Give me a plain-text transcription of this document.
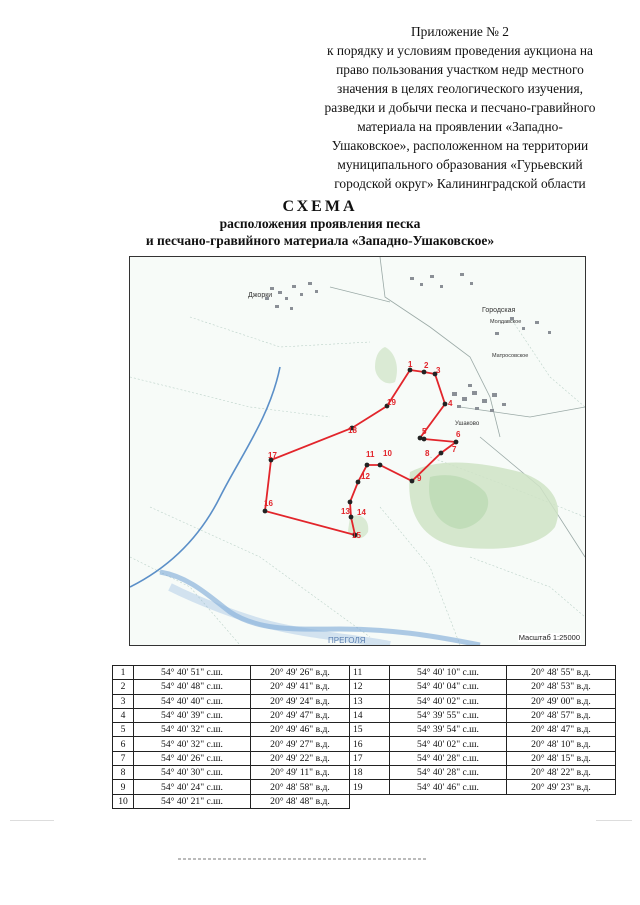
Приложение № 2
к порядку и условиям проведения аукциона на
право пользования участком недр местного
значения в целях геологического изучения,
разведки и добычи песка и песчано-гравийного
материала на проявлении «Западно-
Ушаковское», расположенном на территории
муниципального образования «Гурьевский
городской округ» Калининградской области
СХЕМА
расположения проявления песка
и песчано-гравийного материала «Западно-Ушаковское»
ПРЕГОЛЯ
Джорки
Городская
Молдавское
Матросовское
Ушаково
1 2
3
4
5	6
7
8
9
10
11
12
13 14
15
16
17
18
19
Масштаб 1:25000
1	54° 40' 51" с.ш.	20° 49' 26" в.д.	11	54° 40' 10" с.ш.	20° 48' 55" в.д.
2	54° 40' 48" с.ш.	20° 49' 41" в.д.	12	54° 40' 04" с.ш.	20° 48' 53" в.д.
3	54° 40' 40" с.ш.	20° 49' 24" в.д.	13	54° 40' 02" с.ш.	20° 49' 00" в.д.
4	54° 40' 39" с.ш.	20° 49' 47" в.д.	14	54° 39' 55" с.ш.	20° 48' 57" в.д.
5	54° 40' 32" с.ш.	20° 49' 46" в.д.	15	54° 39' 54" с.ш.	20° 48' 47" в.д.
6	54° 40' 32" с.ш.	20° 49' 27" в.д.	16	54° 40' 02" с.ш.	20° 48' 10" в.д.
7	54° 40' 26" с.ш.	20° 49' 22" в.д.	17	54° 40' 28" с.ш.	20° 48' 15" в.д.
8	54° 40' 30" с.ш.	20° 49' 11" в.д.	18	54° 40' 28" с.ш.	20° 48' 22" в.д.
9	54° 40' 24" с.ш.	20° 48' 58" в.д.	19	54° 40' 46" с.ш.	20° 49' 23" в.д.
10	54° 40' 21" с.ш.	20° 48' 48" в.д.			
